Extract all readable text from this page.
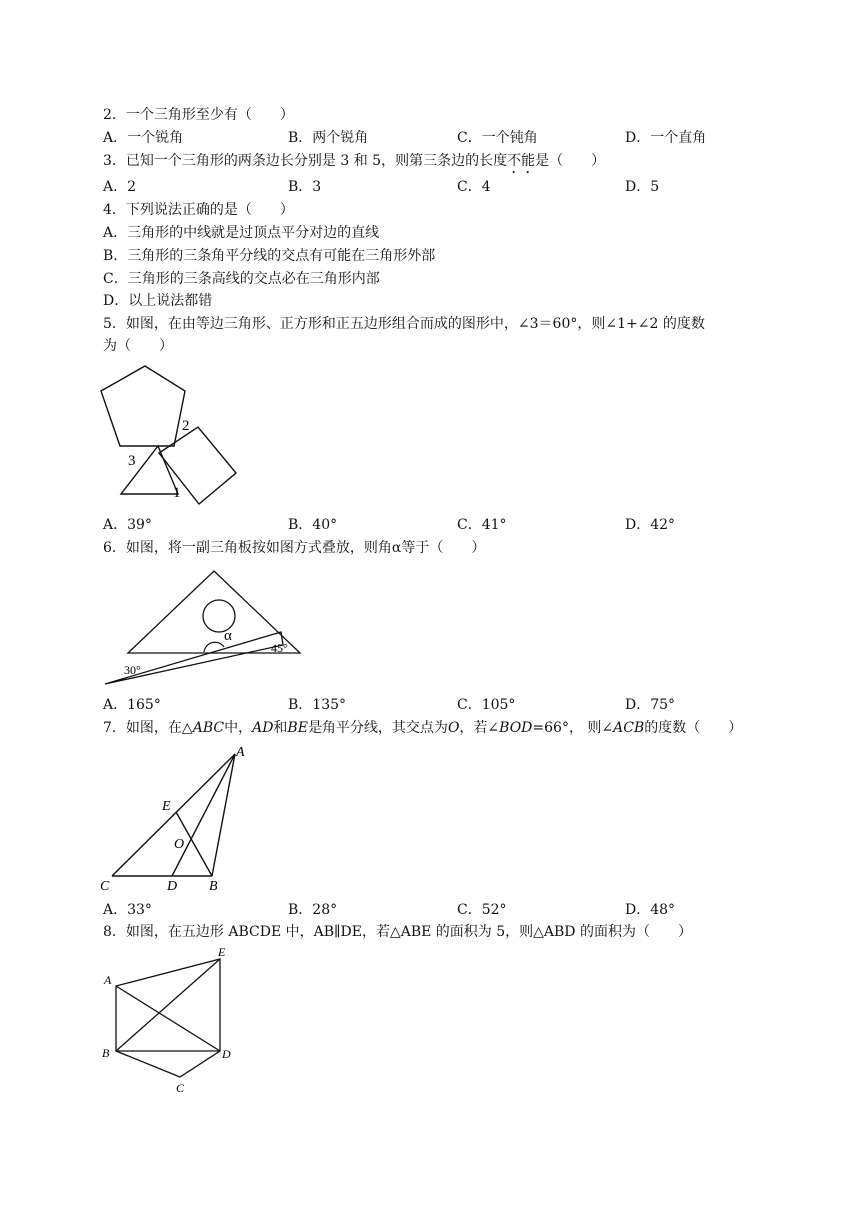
2．一个三角形至少有（　　）
A．一个锐角	B．两个锐角	C．一个钝角	D．一个直角
3．已知一个三角形的两条边长分别是 3 和 5，则第三条边的长度不能是（　　）
A．2	B．3	C．4	D．5
4．下列说法正确的是（　　）
A．三角形的中线就是过顶点平分对边的直线
B．三角形的三条角平分线的交点有可能在三角形外部
C．三角形的三条高线的交点必在三角形内部
D．以上说法都错
5．如图，在由等边三角形、正方形和正五边形组合而成的图形中，∠3＝60°，则∠1+∠2 的度数
为（　　）
2
3
1
A．39°	B．40°	C．41°	D．42°
6．如图，将一副三角板按如图方式叠放，则角α等于（　　）
α
30°
45°
A．165°	B．135°	C．105°	D．75°
7．如图，在△ABC中，AD和BE是角平分线，其交点为O，若∠BOD=66°， 则∠ACB的度数（　　）
A
E
O
C	D B
A．33°	B．28°	C．52°	D．48°
8．如图，在五边形 ABCDE 中，AB∥DE，若△ABE 的面积为 5，则△ABD 的面积为（　　）
E
A
B	D
C
